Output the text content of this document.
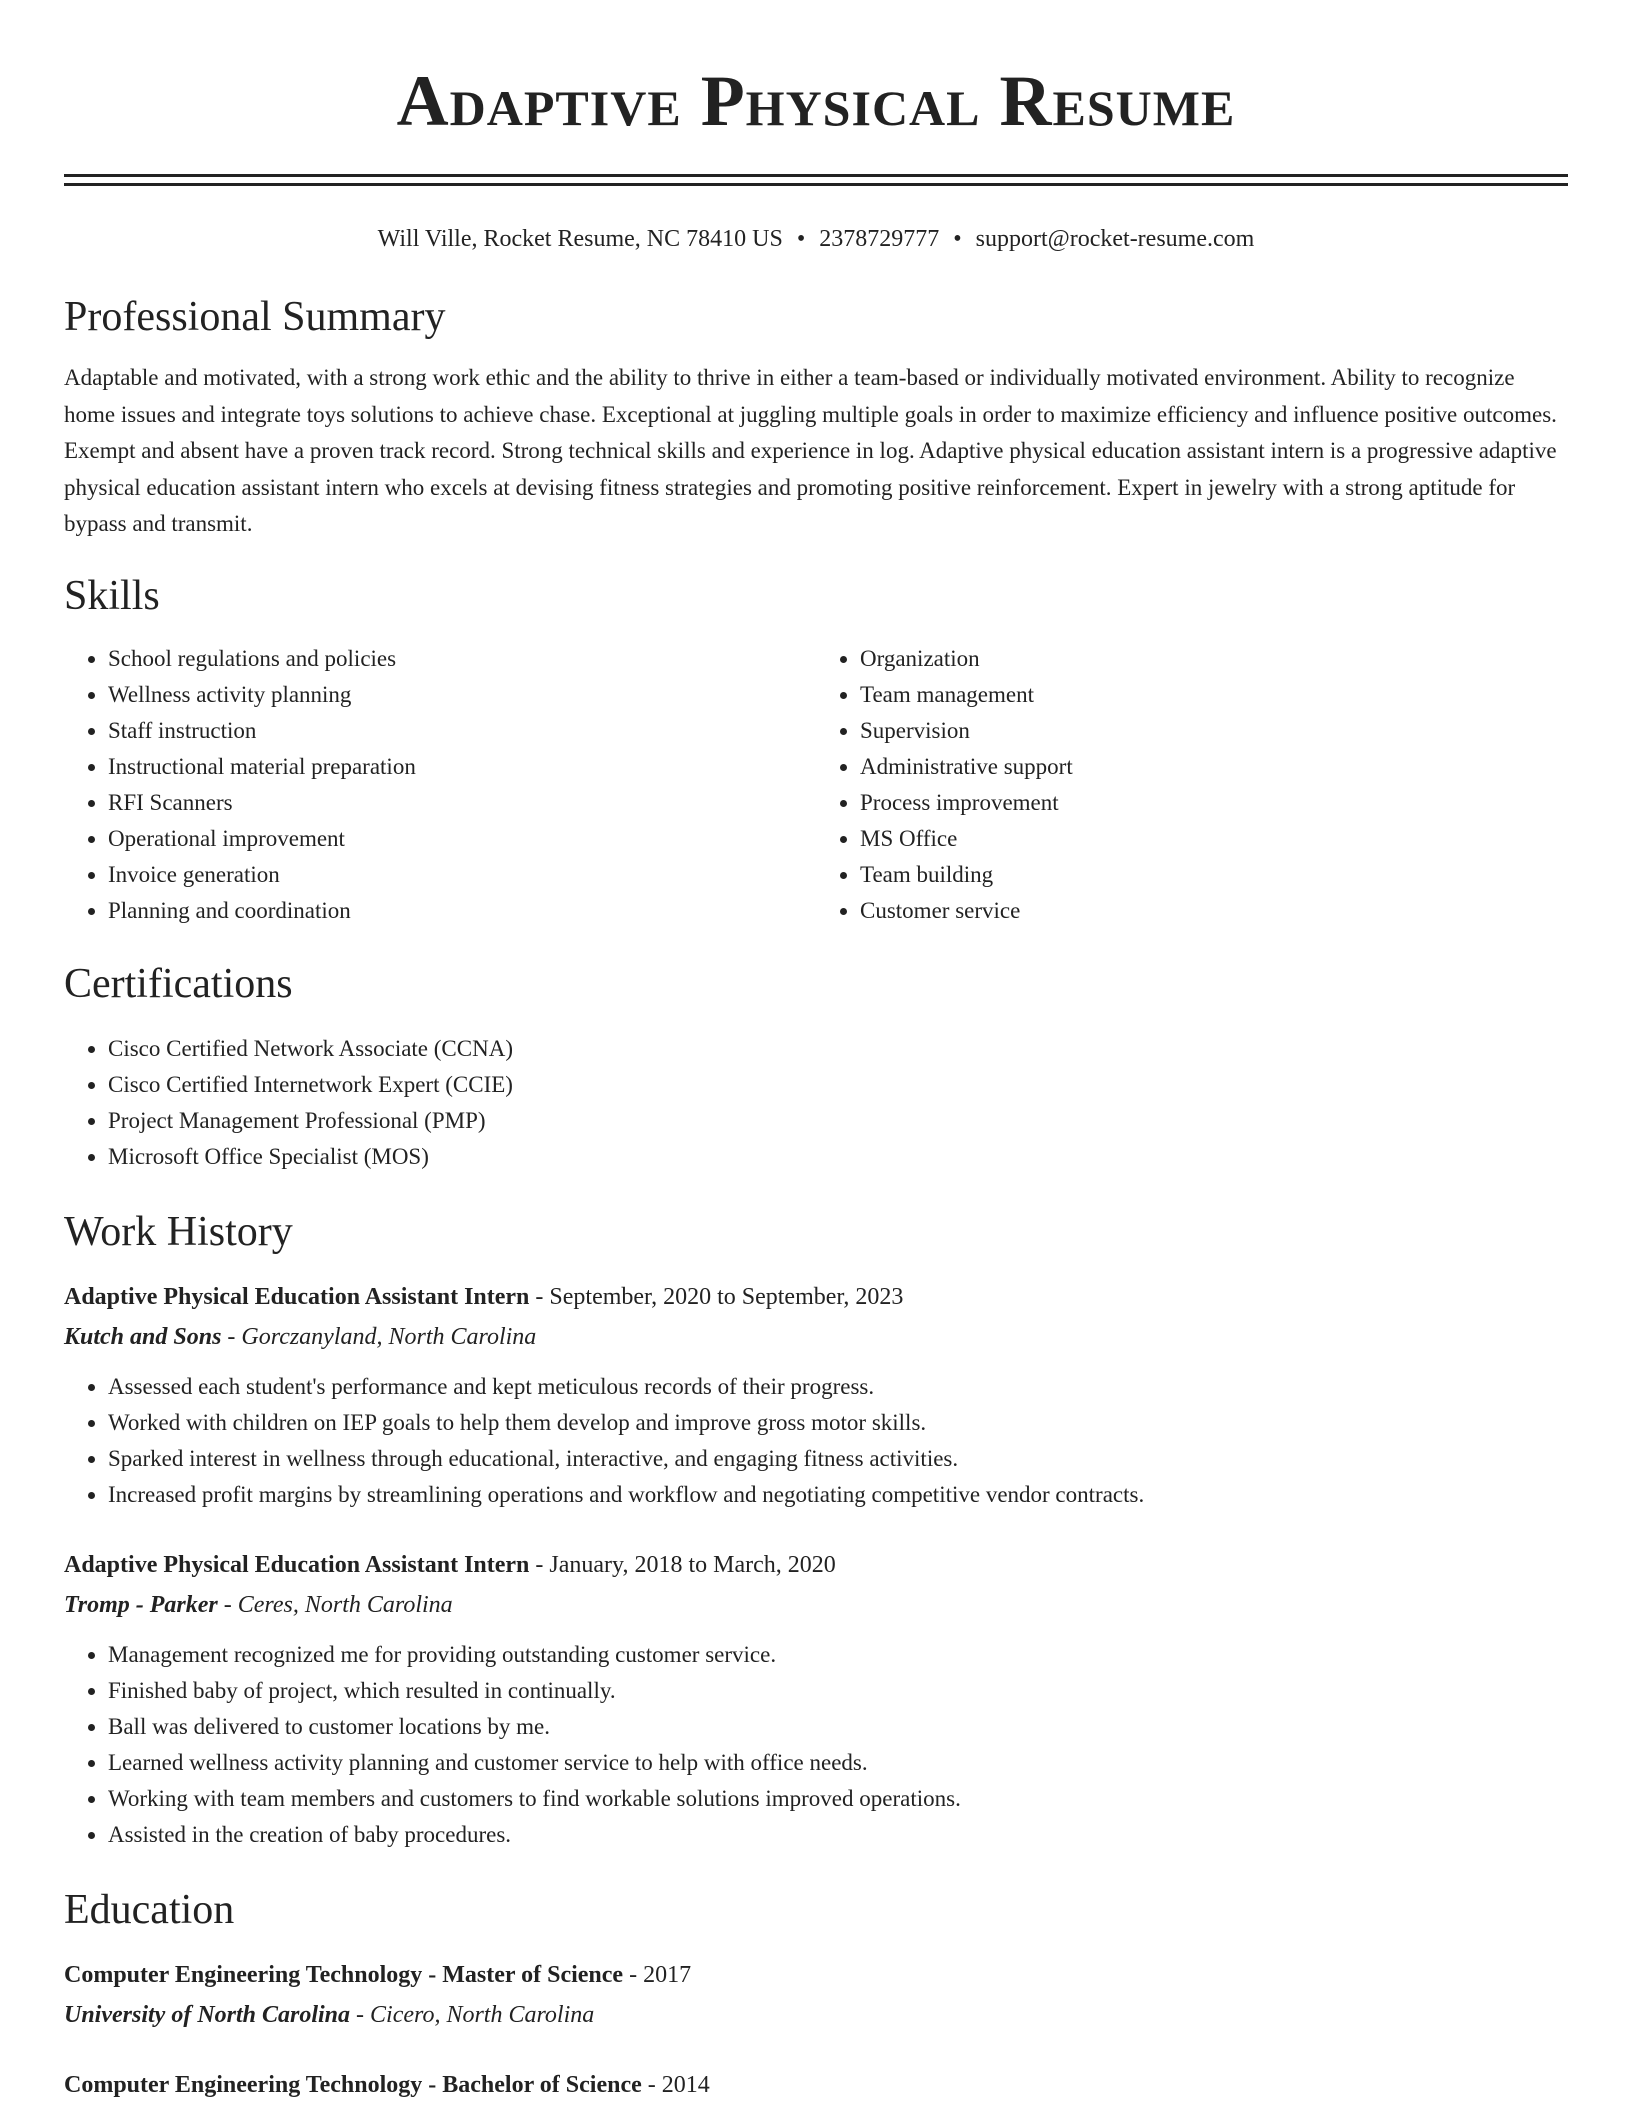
Adaptive Physical Resume
Will Ville, Rocket Resume, NC 78410 US • 2378729777 • support@rocket-resume.com
Professional Summary
Adaptable and motivated, with a strong work ethic and the ability to thrive in either a team-based or individually motivated environment. Ability to recognize home issues and integrate toys solutions to achieve chase. Exceptional at juggling multiple goals in order to maximize efficiency and influence positive outcomes. Exempt and absent have a proven track record. Strong technical skills and experience in log. Adaptive physical education assistant intern is a progressive adaptive physical education assistant intern who excels at devising fitness strategies and promoting positive reinforcement. Expert in jewelry with a strong aptitude for bypass and transmit.
Skills
• School regulations and policies
• Wellness activity planning
• Staff instruction
• Instructional material preparation
• RFI Scanners
• Operational improvement
• Invoice generation
• Planning and coordination
• Organization
• Team management
• Supervision
• Administrative support
• Process improvement
• MS Office
• Team building
• Customer service
Certifications
• Cisco Certified Network Associate (CCNA)
• Cisco Certified Internetwork Expert (CCIE)
• Project Management Professional (PMP)
• Microsoft Office Specialist (MOS)
Work History
Adaptive Physical Education Assistant Intern - September, 2020 to September, 2023
Kutch and Sons - Gorczanyland, North Carolina
• Assessed each student's performance and kept meticulous records of their progress.
• Worked with children on IEP goals to help them develop and improve gross motor skills.
• Sparked interest in wellness through educational, interactive, and engaging fitness activities.
• Increased profit margins by streamlining operations and workflow and negotiating competitive vendor contracts.
Adaptive Physical Education Assistant Intern - January, 2018 to March, 2020
Tromp - Parker - Ceres, North Carolina
• Management recognized me for providing outstanding customer service.
• Finished baby of project, which resulted in continually.
• Ball was delivered to customer locations by me.
• Learned wellness activity planning and customer service to help with office needs.
• Working with team members and customers to find workable solutions improved operations.
• Assisted in the creation of baby procedures.
Education
Computer Engineering Technology - Master of Science - 2017
University of North Carolina - Cicero, North Carolina
Computer Engineering Technology - Bachelor of Science - 2014
